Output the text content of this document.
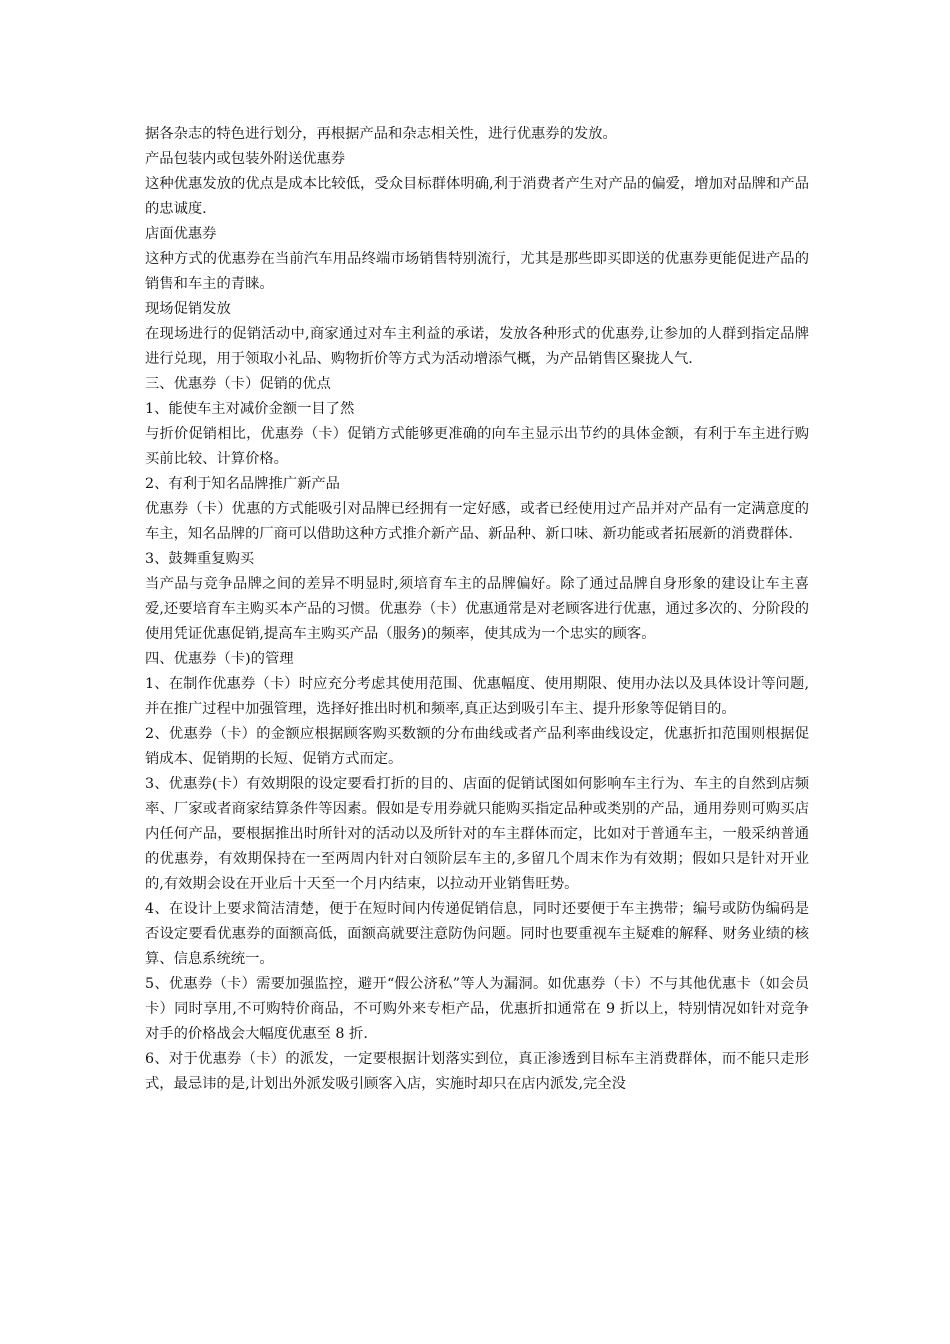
据各杂志的特色进行划分，再根据产品和杂志相关性，进行优惠券的发放。

产品包装内或包装外附送优惠券

这种优惠发放的优点是成本比较低，受众目标群体明确,利于消费者产生对产品的偏爱，增加对品牌和产品的忠诚度.

店面优惠券

这种方式的优惠券在当前汽车用品终端市场销售特别流行，尤其是那些即买即送的优惠券更能促进产品的销售和车主的青睐。

现场促销发放

在现场进行的促销活动中,商家通过对车主利益的承诺，发放各种形式的优惠券,让参加的人群到指定品牌进行兑现，用于领取小礼品、购物折价等方式为活动增添气概，为产品销售区聚拢人气.

三、优惠券（卡）促销的优点

1、能使车主对减价金额一目了然

与折价促销相比，优惠券（卡）促销方式能够更准确的向车主显示出节约的具体金额，有利于车主进行购买前比较、计算价格。

2、有利于知名品牌推广新产品

优惠券（卡）优惠的方式能吸引对品牌已经拥有一定好感，或者已经使用过产品并对产品有一定满意度的车主，知名品牌的厂商可以借助这种方式推介新产品、新品种、新口味、新功能或者拓展新的消费群体.

3、鼓舞重复购买

当产品与竞争品牌之间的差异不明显时,须培育车主的品牌偏好。除了通过品牌自身形象的建设让车主喜爱,还要培育车主购买本产品的习惯。优惠券（卡）优惠通常是对老顾客进行优惠，通过多次的、分阶段的使用凭证优惠促销,提高车主购买产品（服务)的频率，使其成为一个忠实的顾客。

四、优惠券（卡)的管理

1、在制作优惠券（卡）时应充分考虑其使用范围、优惠幅度、使用期限、使用办法以及具体设计等问题,并在推广过程中加强管理，选择好推出时机和频率,真正达到吸引车主、提升形象等促销目的。

2、优惠券（卡）的金额应根据顾客购买数额的分布曲线或者产品利率曲线设定，优惠折扣范围则根据促销成本、促销期的长短、促销方式而定。

3、优惠券(卡）有效期限的设定要看打折的目的、店面的促销试图如何影响车主行为、车主的自然到店频率、厂家或者商家结算条件等因素。假如是专用券就只能购买指定品种或类别的产品，通用券则可购买店内任何产品，要根据推出时所针对的活动以及所针对的车主群体而定，比如对于普通车主，一般采纳普通的优惠券，有效期保持在一至两周内针对白领阶层车主的,多留几个周末作为有效期；假如只是针对开业的,有效期会设在开业后十天至一个月内结束，以拉动开业销售旺势。

4、在设计上要求简洁清楚，便于在短时间内传递促销信息，同时还要便于车主携带；编号或防伪编码是否设定要看优惠券的面额高低，面额高就要注意防伪问题。同时也要重视车主疑难的解释、财务业绩的核算、信息系统统一。

5、优惠券（卡）需要加强监控，避开“假公济私”等人为漏洞。如优惠券（卡）不与其他优惠卡（如会员卡）同时享用,不可购特价商品，不可购外来专柜产品，优惠折扣通常在 9 折以上，特别情况如针对竞争对手的价格战会大幅度优惠至 8 折.

6、对于优惠券（卡）的派发，一定要根据计划落实到位，真正渗透到目标车主消费群体，而不能只走形式，最忌讳的是,计划出外派发吸引顾客入店，实施时却只在店内派发,完全没
